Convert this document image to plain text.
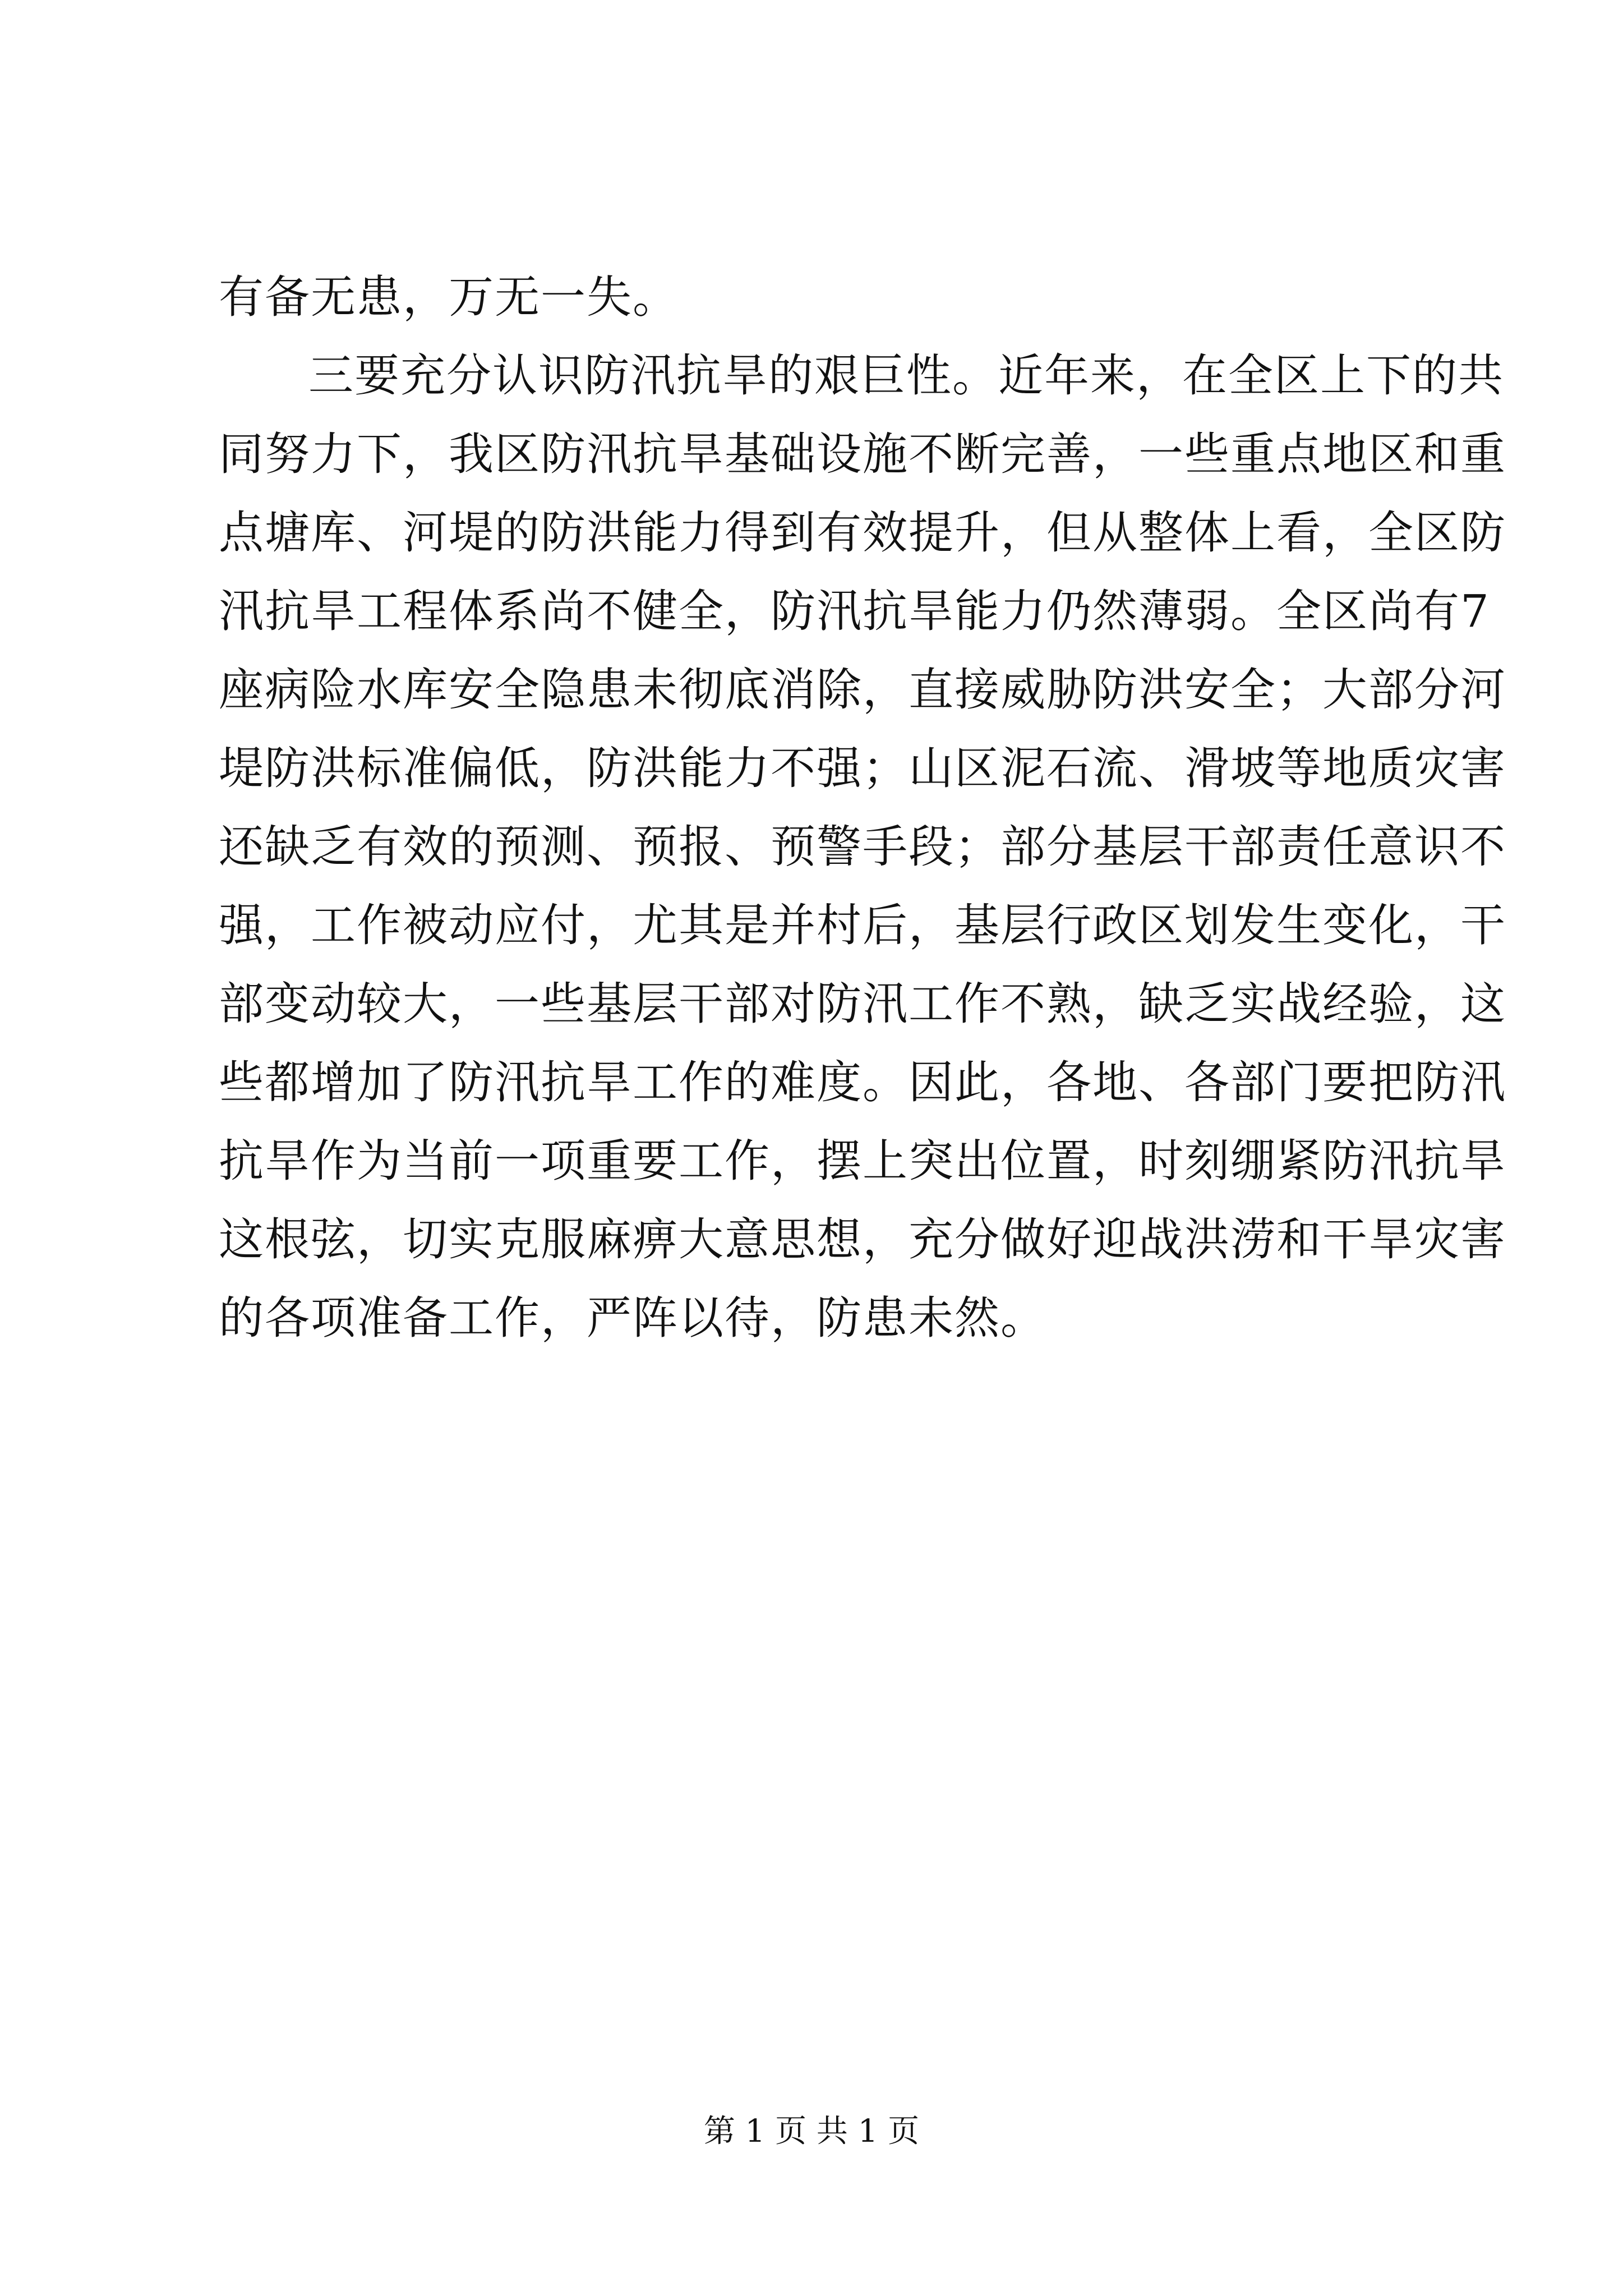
有备无患，万无一失。
三要充分认识防汛抗旱的艰巨性。近年来，在全区上下的共
同努力下，我区防汛抗旱基础设施不断完善，一些重点地区和重
点塘库、河堤的防洪能力得到有效提升，但从整体上看，全区防
汛抗旱工程体系尚不健全，防汛抗旱能力仍然薄弱。全区尚有7
座病险水库安全隐患未彻底消除，直接威胁防洪安全；大部分河
堤防洪标准偏低，防洪能力不强；山区泥石流、滑坡等地质灾害
还缺乏有效的预测、预报、预警手段；部分基层干部责任意识不
强，工作被动应付，尤其是并村后，基层行政区划发生变化，干
部变动较大，一些基层干部对防汛工作不熟，缺乏实战经验，这
些都增加了防汛抗旱工作的难度。因此，各地、各部门要把防汛
抗旱作为当前一项重要工作，摆上突出位置，时刻绷紧防汛抗旱
这根弦，切实克服麻痹大意思想，充分做好迎战洪涝和干旱灾害
的各项准备工作，严阵以待，防患未然。
第 1 页 共 1 页
